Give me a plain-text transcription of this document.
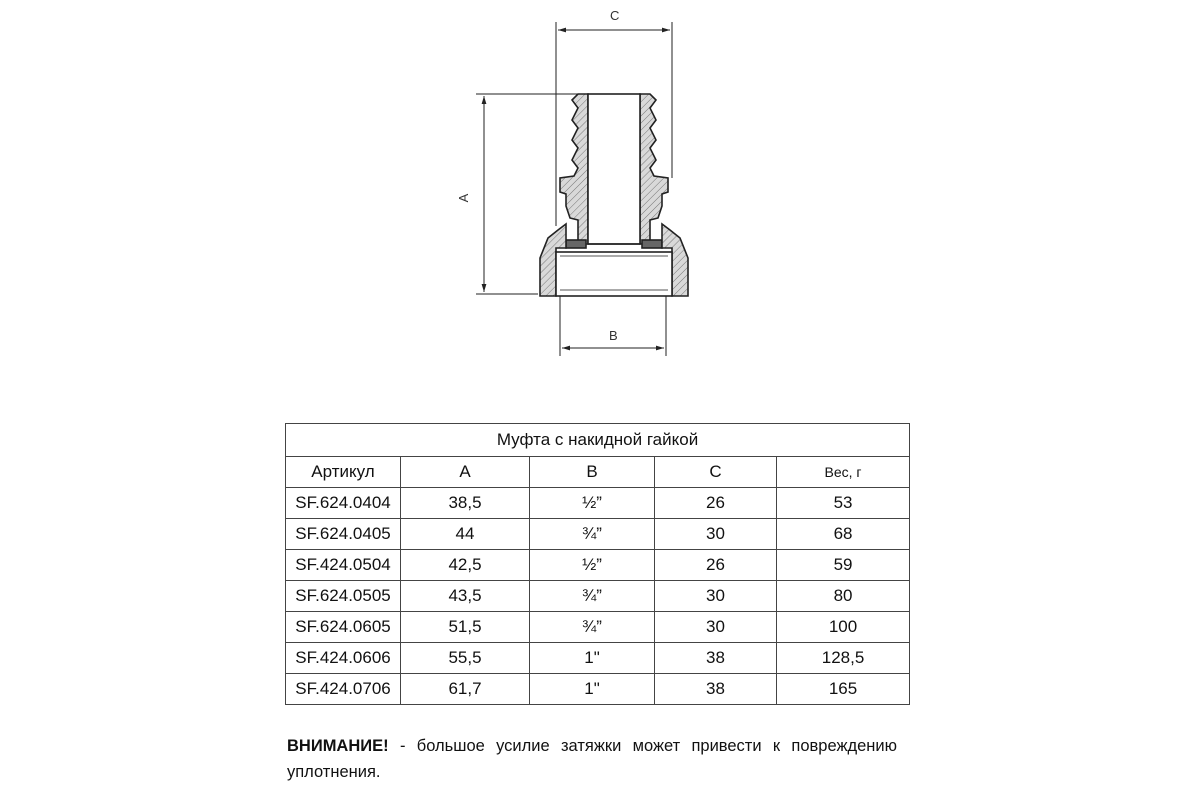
C
A
B
Муфта с накидной гайкой				
Артикул	A	B	C	Вес, г
SF.624.0404	38,5	½”	26	53
SF.624.0405	44	¾”	30	68
SF.424.0504	42,5	½”	26	59
SF.624.0505	43,5	¾”	30	80
SF.624.0605	51,5	¾”	30	100
SF.424.0606	55,5	1"	38	128,5
SF.424.0706	61,7	1"	38	165
ВНИМАНИЕ! - большое усилие затяжки может привести к повреждению уплотнения.
